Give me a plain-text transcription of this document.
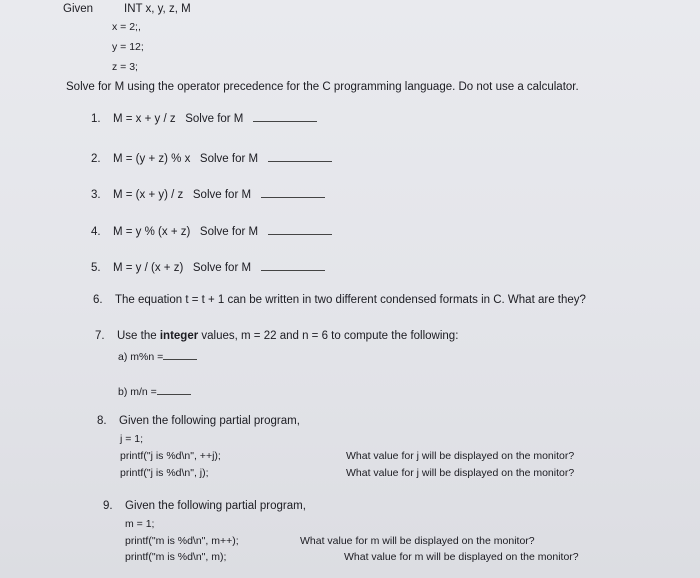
Given	INT x, y, z, M
x = 2;,
y = 12;
z = 3;
Solve for M using the operator precedence for the C programming language. Do not use a calculator.
1. M = x + y / z Solve for M
2. M = (y + z) % x Solve for M
3. M = (x + y) / z Solve for M
4. M = y % (x + z) Solve for M
5. M = y / (x + z) Solve for M
6. The equation t = t + 1 can be written in two different condensed formats in C. What are they?
7. Use the integer values, m = 22 and n = 6 to compute the following:
a) m%n =
b) m/n =
8. Given the following partial program,
j = 1;
printf("j is %d\n", ++j);
printf("j is %d\n", j);
What value for j will be displayed on the monitor?
What value for j will be displayed on the monitor?
9. Given the following partial program,
m = 1;
printf("m is %d\n", m++);
printf("m is %d\n", m);
What value for m will be displayed on the monitor?
What value for m will be displayed on the monitor?
